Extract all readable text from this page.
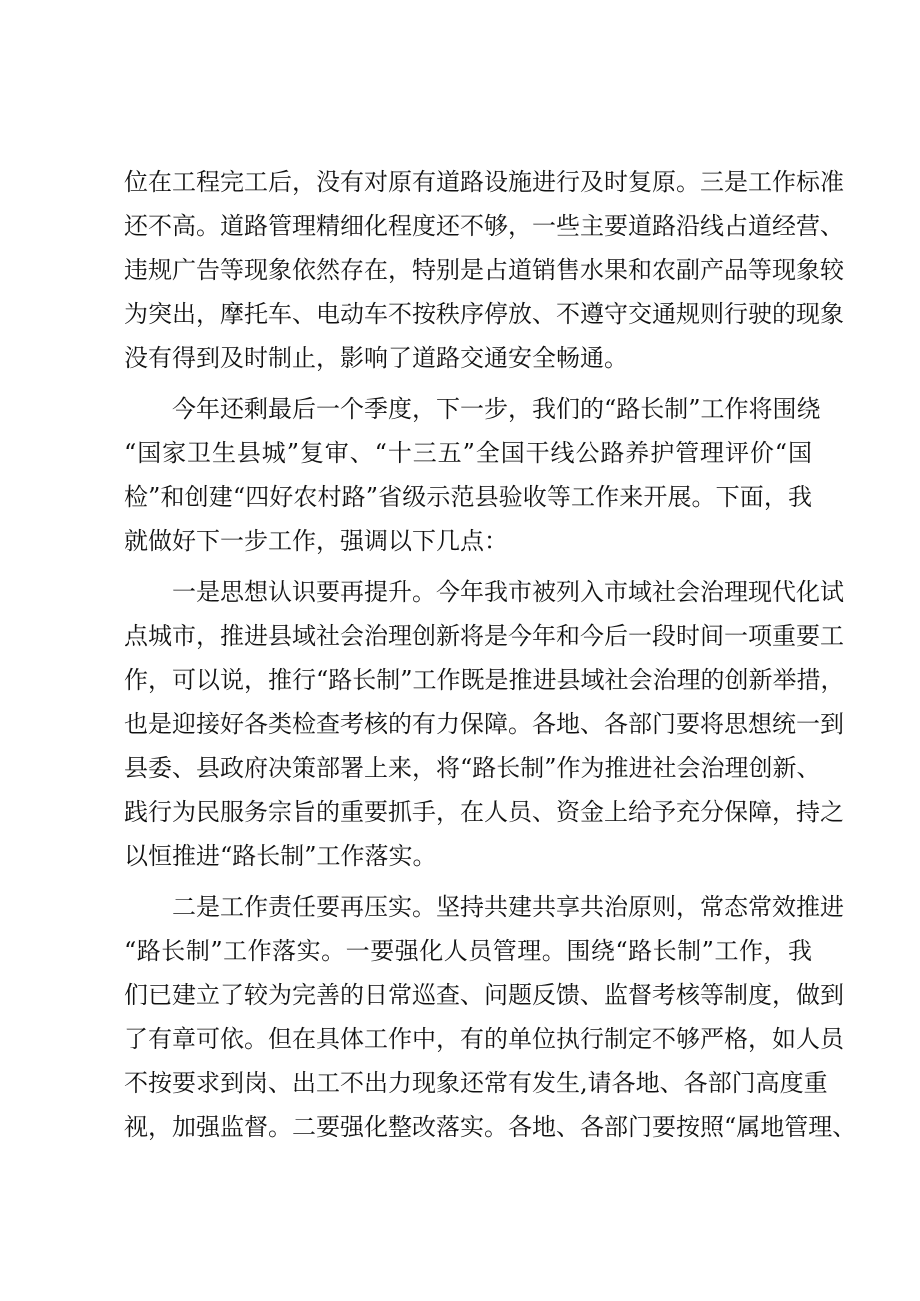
位在工程完工后，没有对原有道路设施进行及时复原。三是工作标准
还不高。道路管理精细化程度还不够，一些主要道路沿线占道经营、
违规广告等现象依然存在，特别是占道销售水果和农副产品等现象较
为突出，摩托车、电动车不按秩序停放、不遵守交通规则行驶的现象
没有得到及时制止，影响了道路交通安全畅通。
今年还剩最后一个季度，下一步，我们的“路长制”工作将围绕
“国家卫生县城”复审、“十三五”全国干线公路养护管理评价“国
检”和创建“四好农村路”省级示范县验收等工作来开展。下面，我
就做好下一步工作，强调以下几点：
一是思想认识要再提升。今年我市被列入市域社会治理现代化试
点城市，推进县域社会治理创新将是今年和今后一段时间一项重要工
作，可以说，推行“路长制”工作既是推进县域社会治理的创新举措，
也是迎接好各类检查考核的有力保障。各地、各部门要将思想统一到
县委、县政府决策部署上来，将“路长制”作为推进社会治理创新、
践行为民服务宗旨的重要抓手，在人员、资金上给予充分保障，持之
以恒推进“路长制”工作落实。
二是工作责任要再压实。坚持共建共享共治原则，常态常效推进
“路长制”工作落实。一要强化人员管理。围绕“路长制”工作，我
们已建立了较为完善的日常巡查、问题反馈、监督考核等制度，做到
了有章可依。但在具体工作中，有的单位执行制定不够严格，如人员
不按要求到岗、出工不出力现象还常有发生,请各地、各部门高度重
视，加强监督。二要强化整改落实。各地、各部门要按照“属地管理、
